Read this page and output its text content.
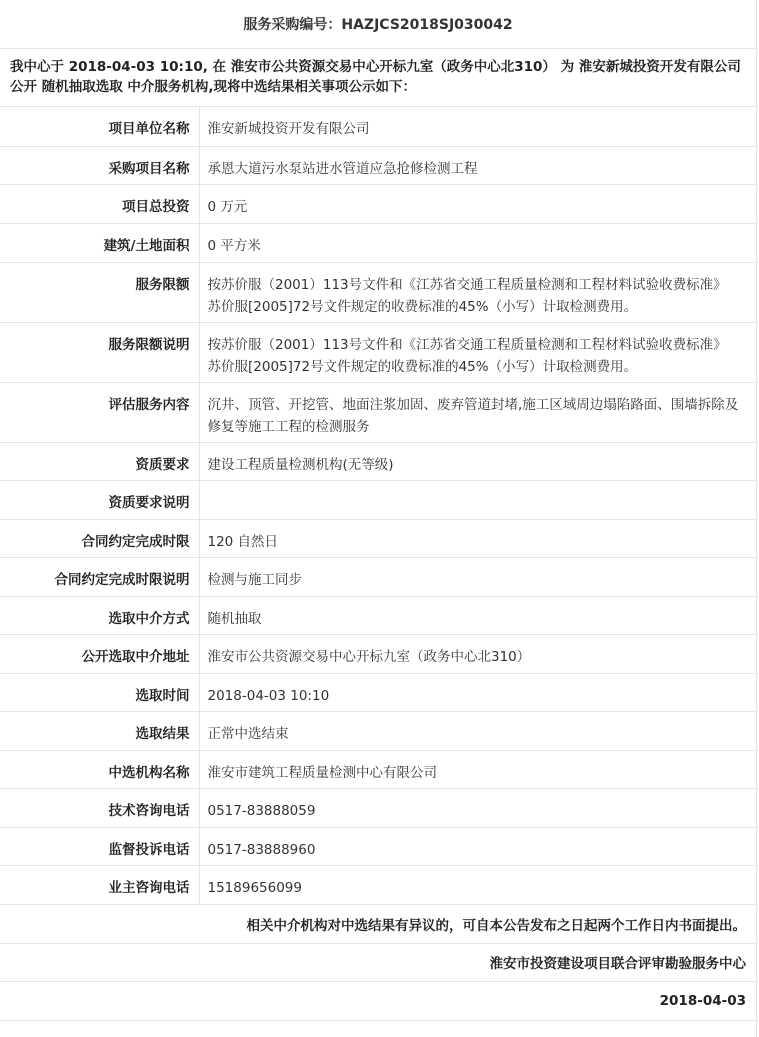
服务采购编号：HAZJCS2018SJ030042
我中心于 2018-04-03 10:10, 在 淮安市公共资源交易中心开标九室（政务中心北310） 为 淮安新城投资开发有限公司 公开 随机抽取选取 中介服务机构,现将中选结果相关事项公示如下：
项目单位名称	淮安新城投资开发有限公司

采购项目名称	承恩大道污水泵站进水管道应急抢修检测工程

项目总投资	0 万元

建筑/土地面积	0 平方米

服务限额	按苏价服（2001）113号文件和《江苏省交通工程质量检测和工程材料试验收费标准》苏价服[2005]72号文件规定的收费标准的45%（小写）计取检测费用。

服务限额说明	按苏价服（2001）113号文件和《江苏省交通工程质量检测和工程材料试验收费标准》苏价服[2005]72号文件规定的收费标准的45%（小写）计取检测费用。

评估服务内容	沉井、顶管、开挖管、地面注浆加固、废弃管道封堵,施工区域周边塌陷路面、围墙拆除及修复等施工工程的检测服务

资质要求	建设工程质量检测机构(无等级)

资质要求说明	

合同约定完成时限	120 自然日

合同约定完成时限说明	检测与施工同步

选取中介方式	随机抽取

公开选取中介地址	淮安市公共资源交易中心开标九室（政务中心北310）

选取时间	2018-04-03 10:10

选取结果	正常中选结束

中选机构名称	淮安市建筑工程质量检测中心有限公司

技术咨询电话	0517-83888059

监督投诉电话	0517-83888960

业主咨询电话	15189656099
相关中介机构对中选结果有异议的，可自本公告发布之日起两个工作日内书面提出。
淮安市投资建设项目联合评审勘验服务中心
2018-04-03
